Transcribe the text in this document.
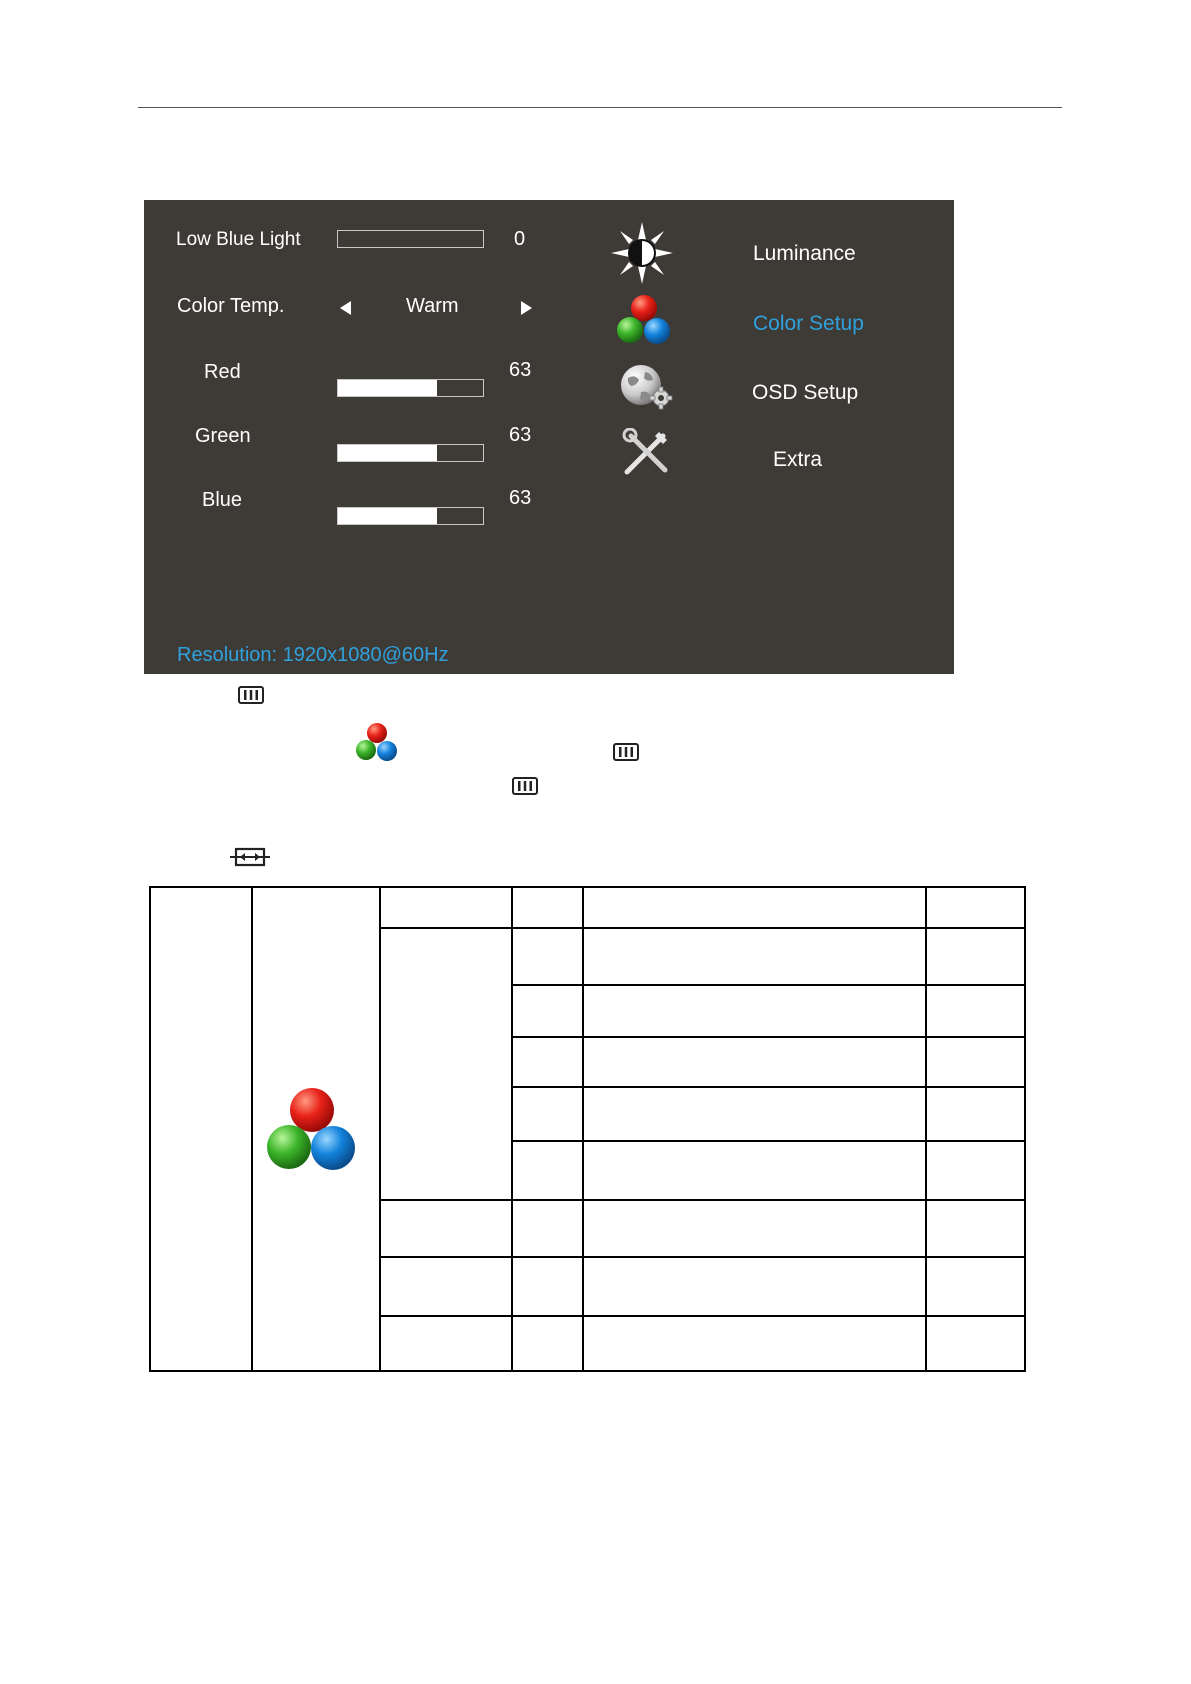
Low Blue Light	0
Color Temp.	Warm
Red	63
Green	63
Blue	63
Luminance
Color Setup
OSD Setup
Extra
Resolution: 1920x1080@60Hz
